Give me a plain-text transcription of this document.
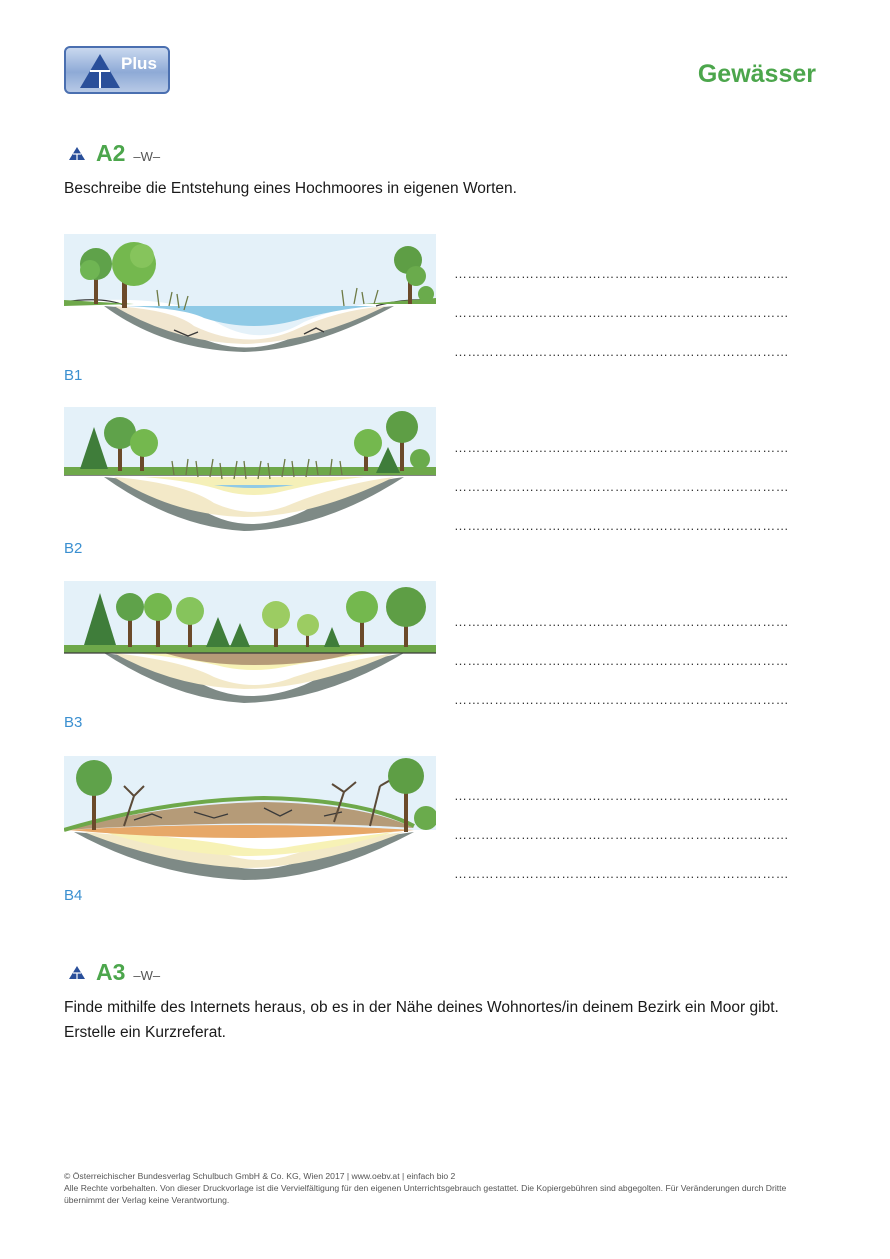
Plus	Gewässer
A2 –W–
Beschreibe die Entstehung eines Hochmoores in eigenen Worten.
B1
B2
B3
B4
…………………………………………………………………
…………………………………………………………………
…………………………………………………………………
…………………………………………………………………
…………………………………………………………………
…………………………………………………………………
…………………………………………………………………
…………………………………………………………………
…………………………………………………………………
…………………………………………………………………
…………………………………………………………………
…………………………………………………………………
A3 –W–
Finde mithilfe des Internets heraus, ob es in der Nähe deines Wohnortes/in deinem Bezirk ein Moor gibt. Erstelle ein Kurzreferat.
© Österreichischer Bundesverlag Schulbuch GmbH & Co. KG, Wien 2017 | www.oebv.at | einfach bio 2
Alle Rechte vorbehalten. Von dieser Druckvorlage ist die Vervielfältigung für den eigenen Unterrichtsgebrauch gestattet. Die Kopiergebühren sind abgegolten. Für Veränderungen durch Dritte übernimmt der Verlag keine Verantwortung.
